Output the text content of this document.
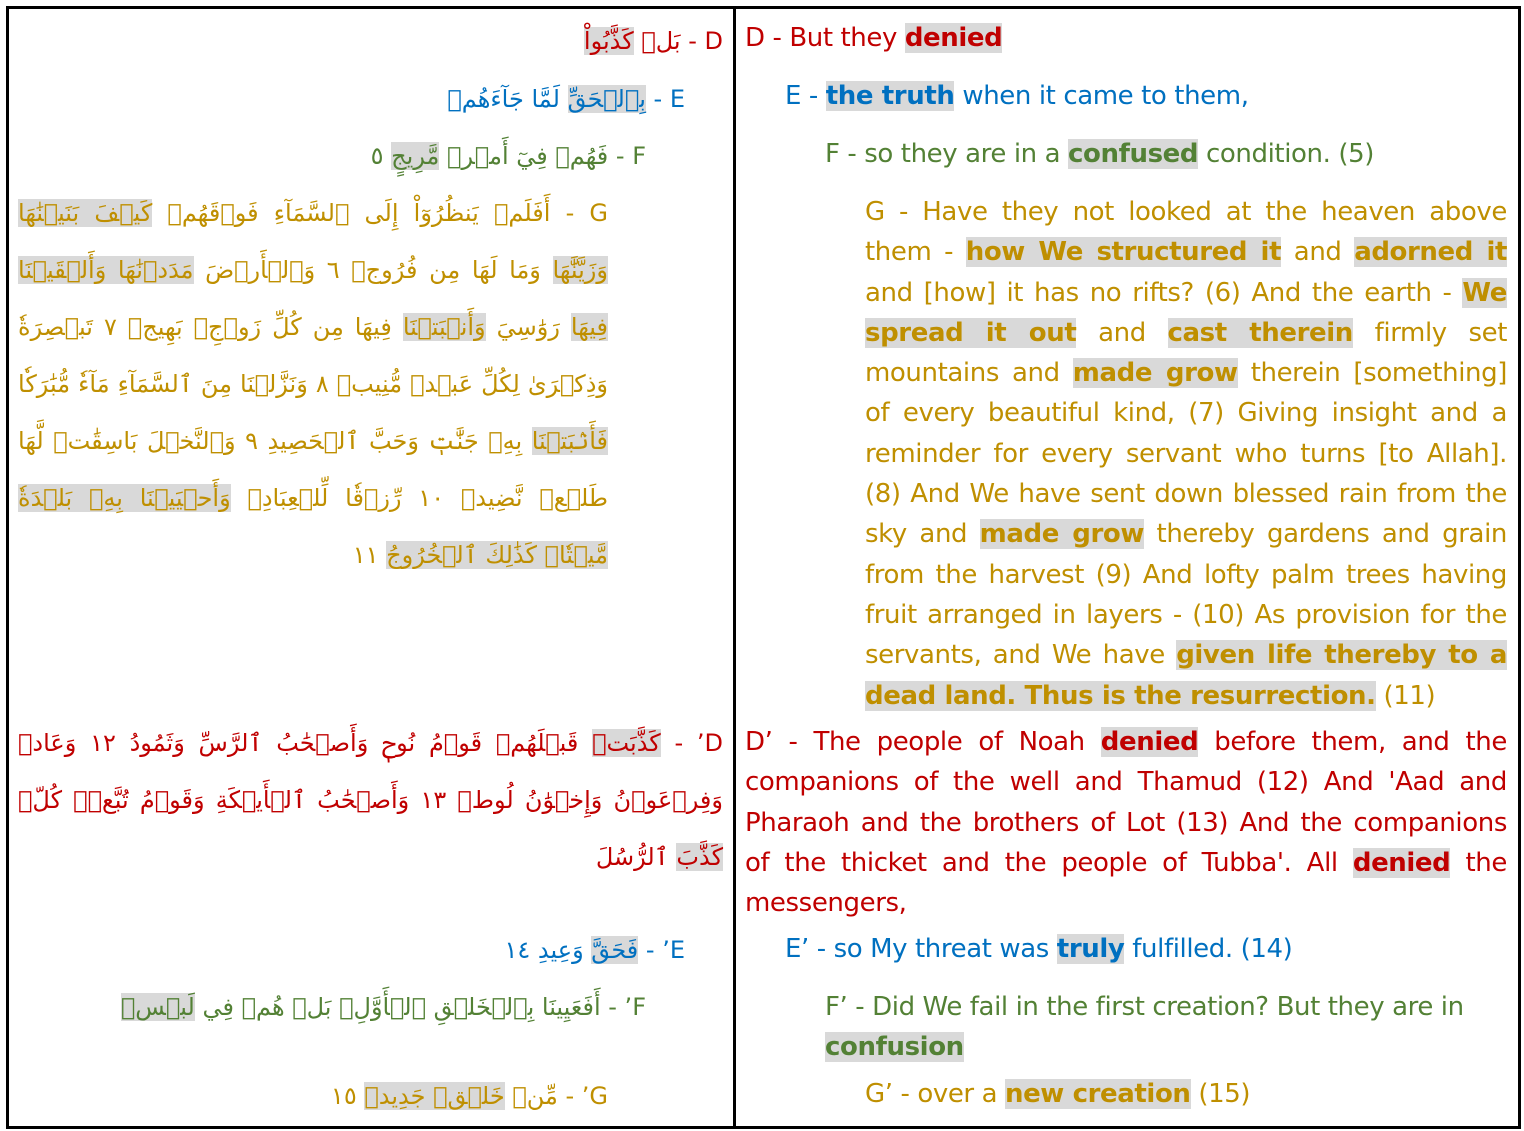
D - بَلۡ كَذَّبُواْ
E - بِٱلۡحَقِّ لَمَّا جَآءَهُمۡ
F - فَهُمۡ فِيٓ أَمۡرٖ مَّرِيجٍ ٥
G - أَفَلَمۡ يَنظُرُوٓاْ إِلَى ٱلسَّمَآءِ فَوۡقَهُمۡ كَيۡفَ بَنَيۡنَٰهَا وَزَيَّنَّٰهَا وَمَا لَهَا مِن فُرُوجٖ ٦ وَٱلۡأَرۡضَ مَدَدۡنَٰهَا وَأَلۡقَيۡنَا فِيهَا رَوَٰسِيَ وَأَنۢبَتۡنَا فِيهَا مِن كُلِّ زَوۡجِۢ بَهِيجٖ ٧ تَبۡصِرَةٗ وَذِكۡرَىٰ لِكُلِّ عَبۡدٖ مُّنِيبٖ ٨ وَنَزَّلۡنَا مِنَ ٱلسَّمَآءِ مَآءٗ مُّبَٰرَكٗا فَأَنۢبَتۡنَا بِهِۦ جَنَّٰتٖ وَحَبَّ ٱلۡحَصِيدِ ٩ وَٱلنَّخۡلَ بَاسِقَٰتٖ لَّهَا طَلۡعٞ نَّضِيدٞ ١٠ رِّزۡقٗا لِّلۡعِبَادِۖ وَأَحۡيَيۡنَا بِهِۦ بَلۡدَةٗ مَّيۡتٗاۚ كَذَٰلِكَ ٱلۡخُرُوجُ ١١
D’ - كَذَّبَتۡ قَبۡلَهُمۡ قَوۡمُ نُوحٖ وَأَصۡحَٰبُ ٱلرَّسِّ وَثَمُودُ ١٢ وَعَادٞ وَفِرۡعَوۡنُ وَإِخۡوَٰنُ لُوطٖ ١٣ وَأَصۡحَٰبُ ٱلۡأَيۡكَةِ وَقَوۡمُ تُبَّعٖۚ كُلّٞ كَذَّبَ ٱلرُّسُلَ
E’ - فَحَقَّ وَعِيدِ ١٤
F’ - أَفَعَيِينَا بِٱلۡخَلۡقِ ٱلۡأَوَّلِۚ بَلۡ هُمۡ فِي لَبۡسٖ
G’ - مِّنۡ خَلۡقٖ جَدِيدٖ ١٥
D - But they denied
E - the truth when it came to them,
F - so they are in a confused condition. (5)
G - Have they not looked at the heaven above them - how We structured it and adorned it and [how] it has no rifts? (6) And the earth - We spread it out and cast therein firmly set mountains and made grow therein [something] of every beautiful kind, (7) Giving insight and a reminder for every servant who turns [to Allah]. (8) And We have sent down blessed rain from the sky and made grow thereby gardens and grain from the harvest (9) And lofty palm trees having fruit arranged in layers - (10) As provision for the servants, and We have given life thereby to a dead land. Thus is the resurrection. (11)
D’ - The people of Noah denied before them, and the companions of the well and Thamud (12) And 'Aad and Pharaoh and the brothers of Lot (13) And the companions of the thicket and the people of Tubba'. All denied the messengers,
E’ - so My threat was truly fulfilled. (14)
F’ - Did We fail in the first creation? But they are in confusion
G’ - over a new creation (15)
